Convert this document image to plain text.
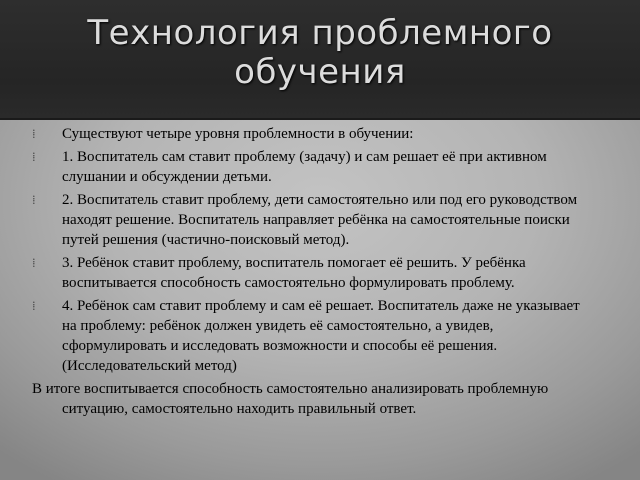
Технология проблемного обучения

⁞ Существуют четыре уровня проблемности в обучении:

⁞ 1. Воспитатель сам ставит проблему (задачу) и сам решает её при активном слушании и обсуждении детьми.

⁞ 2. Воспитатель ставит проблему, дети самостоятельно или под его руководством находят решение. Воспитатель направляет ребёнка на самостоятельные поиски путей решения (частично-поисковый метод).

⁞ 3. Ребёнок ставит проблему, воспитатель помогает её решить. У ребёнка воспитывается способность самостоятельно формулировать проблему.

⁞ 4. Ребёнок сам ставит проблему и сам её решает. Воспитатель даже не указывает на проблему: ребёнок должен увидеть её самостоятельно, а увидев, сформулировать и исследовать возможности и способы её решения. (Исследовательский метод)

В итоге воспитывается способность самостоятельно анализировать проблемную ситуацию, самостоятельно находить правильный ответ.
